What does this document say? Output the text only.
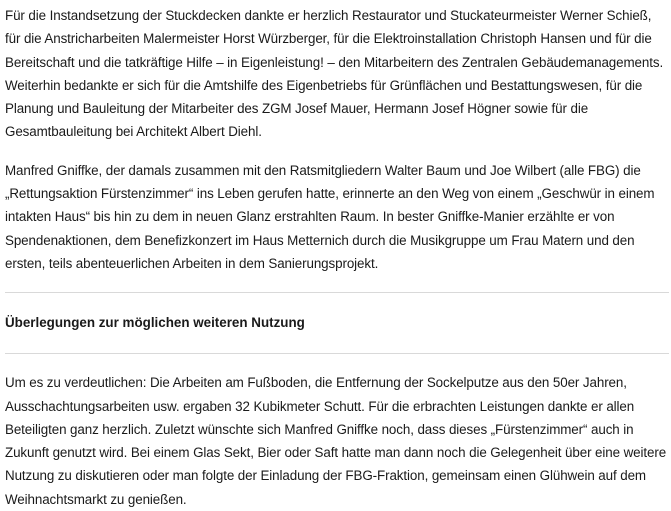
Für die Instandsetzung der Stuckdecken dankte er herzlich Restaurator und Stuckateurmeister Werner Schieß, für die Anstricharbeiten Malermeister Horst Würzberger, für die Elektroinstallation Christoph Hansen und für die Bereitschaft und die tatkräftige Hilfe – in Eigenleistung! – den Mitarbeitern des Zentralen Gebäudemanagements. Weiterhin bedankte er sich für die Amtshilfe des Eigenbetriebs für Grünflächen und Bestattungswesen, für die Planung und Bauleitung der Mitarbeiter des ZGM Josef Mauer, Hermann Josef Högner sowie für die Gesamtbauleitung bei Architekt Albert Diehl.

Manfred Gniffke, der damals zusammen mit den Ratsmitgliedern Walter Baum und Joe Wilbert (alle FBG) die „Rettungsaktion Fürstenzimmer“ ins Leben gerufen hatte, erinnerte an den Weg von einem „Geschwür in einem intakten Haus“ bis hin zu dem in neuen Glanz erstrahlten Raum. In bester Gniffke-Manier erzählte er von Spendenaktionen, dem Benefizkonzert im Haus Metternich durch die Musikgruppe um Frau Matern und den ersten, teils abenteuerlichen Arbeiten in dem Sanierungsprojekt.

Überlegungen zur möglichen weiteren Nutzung

Um es zu verdeutlichen: Die Arbeiten am Fußboden, die Entfernung der Sockelputze aus den 50er Jahren, Ausschachtungsarbeiten usw. ergaben 32 Kubikmeter Schutt. Für die erbrachten Leistungen dankte er allen Beteiligten ganz herzlich. Zuletzt wünschte sich Manfred Gniffke noch, dass dieses „Fürstenzimmer“ auch in Zukunft genutzt wird. Bei einem Glas Sekt, Bier oder Saft hatte man dann noch die Gelegenheit über eine weitere Nutzung zu diskutieren oder man folgte der Einladung der FBG-Fraktion, gemeinsam einen Glühwein auf dem Weihnachtsmarkt zu genießen.
